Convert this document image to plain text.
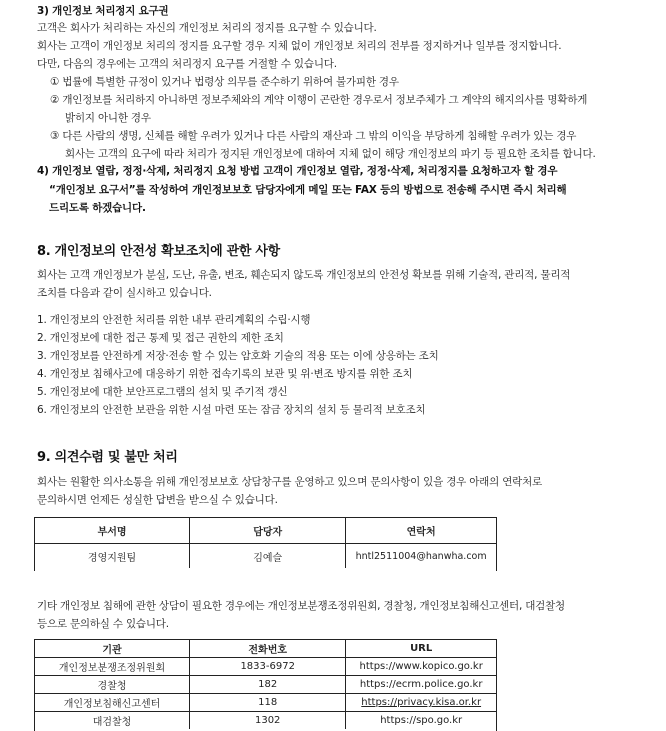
3) 개인정보 처리정지 요구권
고객은 회사가 처리하는 자신의 개인정보 처리의 정지를 요구할 수 있습니다.
회사는 고객이 개인정보 처리의 정지를 요구할 경우 지체 없이 개인정보 처리의 전부를 정지하거나 일부를 정지합니다.
다만, 다음의 경우에는 고객의 처리정지 요구를 거절할 수 있습니다.
① 법률에 특별한 규정이 있거나 법령상 의무를 준수하기 위하여 불가피한 경우
② 개인정보를 처리하지 아니하면 정보주체와의 계약 이행이 곤란한 경우로서 정보주체가 그 계약의 해지의사를 명확하게
밝히지 아니한 경우
③ 다른 사람의 생명, 신체를 해할 우려가 있거나 다른 사람의 재산과 그 밖의 이익을 부당하게 침해할 우려가 있는 경우
회사는 고객의 요구에 따라 처리가 정지된 개인정보에 대하여 지체 없이 해당 개인정보의 파기 등 필요한 조치를 합니다.
4) 개인정보 열람, 정정·삭제, 처리정지 요청 방법 고객이 개인정보 열람, 정정·삭제, 처리정지를 요청하고자 할 경우
“개인정보 요구서”를 작성하여 개인정보보호 담당자에게 메일 또는 FAX 등의 방법으로 전송해 주시면 즉시 처리해
드리도록 하겠습니다.
8. 개인정보의 안전성 확보조치에 관한 사항
회사는 고객 개인정보가 분실, 도난, 유출, 변조, 훼손되지 않도록 개인정보의 안전성 확보를 위해 기술적, 관리적, 물리적
조치를 다음과 같이 실시하고 있습니다.
1. 개인정보의 안전한 처리를 위한 내부 관리계획의 수립·시행
2. 개인정보에 대한 접근 통제 및 접근 권한의 제한 조치
3. 개인정보를 안전하게 저장·전송 할 수 있는 암호화 기술의 적용 또는 이에 상응하는 조치
4. 개인정보 침해사고에 대응하기 위한 접속기록의 보관 및 위·변조 방지를 위한 조치
5. 개인정보에 대한 보안프로그램의 설치 및 주기적 갱신
6. 개인정보의 안전한 보관을 위한 시설 마련 또는 잠금 장치의 설치 등 물리적 보호조치
9. 의견수렴 및 불만 처리
회사는 원활한 의사소통을 위해 개인정보보호 상담창구를 운영하고 있으며 문의사항이 있을 경우 아래의 연락처로
문의하시면 언제든 성실한 답변을 받으실 수 있습니다.
부서명	담당자	연락처
경영지원팀	김예슬	hntl2511004@hanwha.com
기타 개인정보 침해에 관한 상담이 필요한 경우에는 개인정보분쟁조정위원회, 경찰청, 개인정보침해신고센터, 대검찰청
등으로 문의하실 수 있습니다.
기관	전화번호	URL
개인정보분쟁조정위원회	1833-6972	https://www.kopico.go.kr
경찰청	182	https://ecrm.police.go.kr
개인정보침해신고센터	118	https://privacy.kisa.or.kr
대검찰청	1302	https://spo.go.kr
